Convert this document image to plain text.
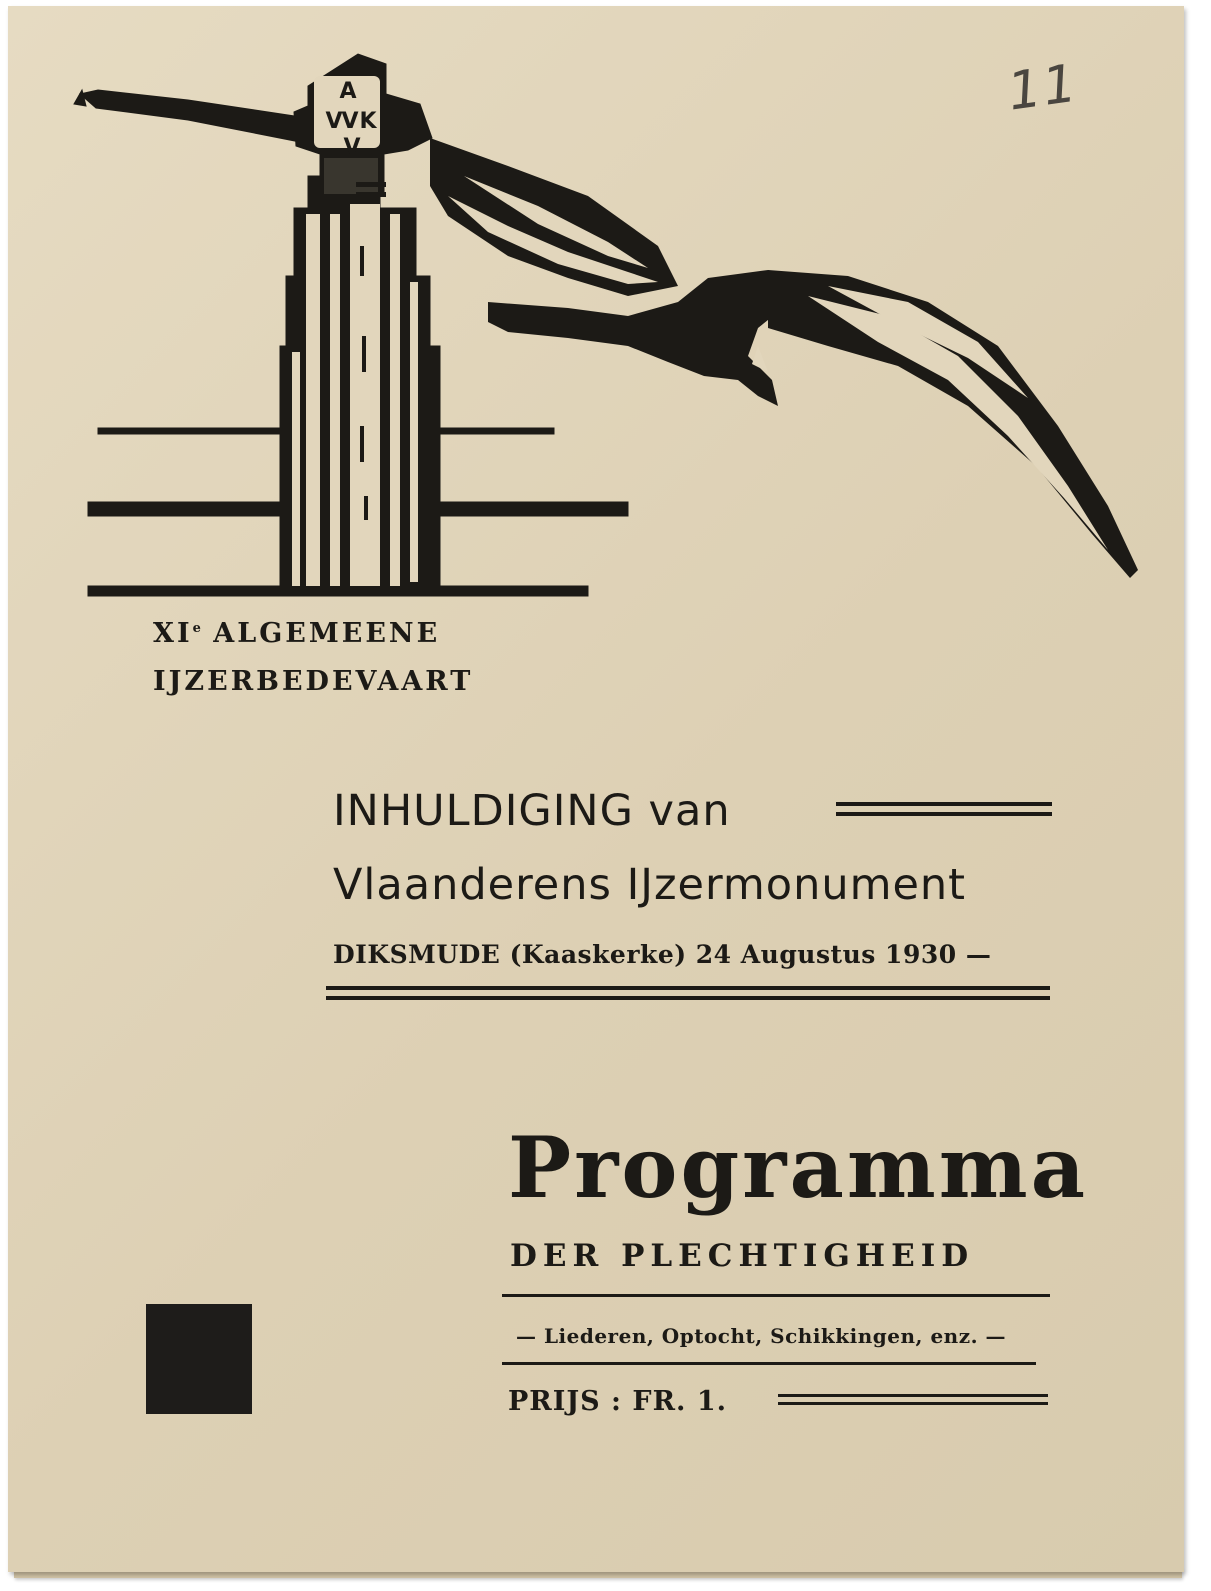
A
V
V K
V
11
XIe ALGEMEENE
IJZERBEDEVAART
INHULDIGING van
Vlaanderens IJzermonument
DIKSMUDE (Kaaskerke) 24 Augustus 1930 —
Programma
DER PLECHTIGHEID
— Liederen, Optocht, Schikkingen, enz. —
PRIJS : FR. 1.
